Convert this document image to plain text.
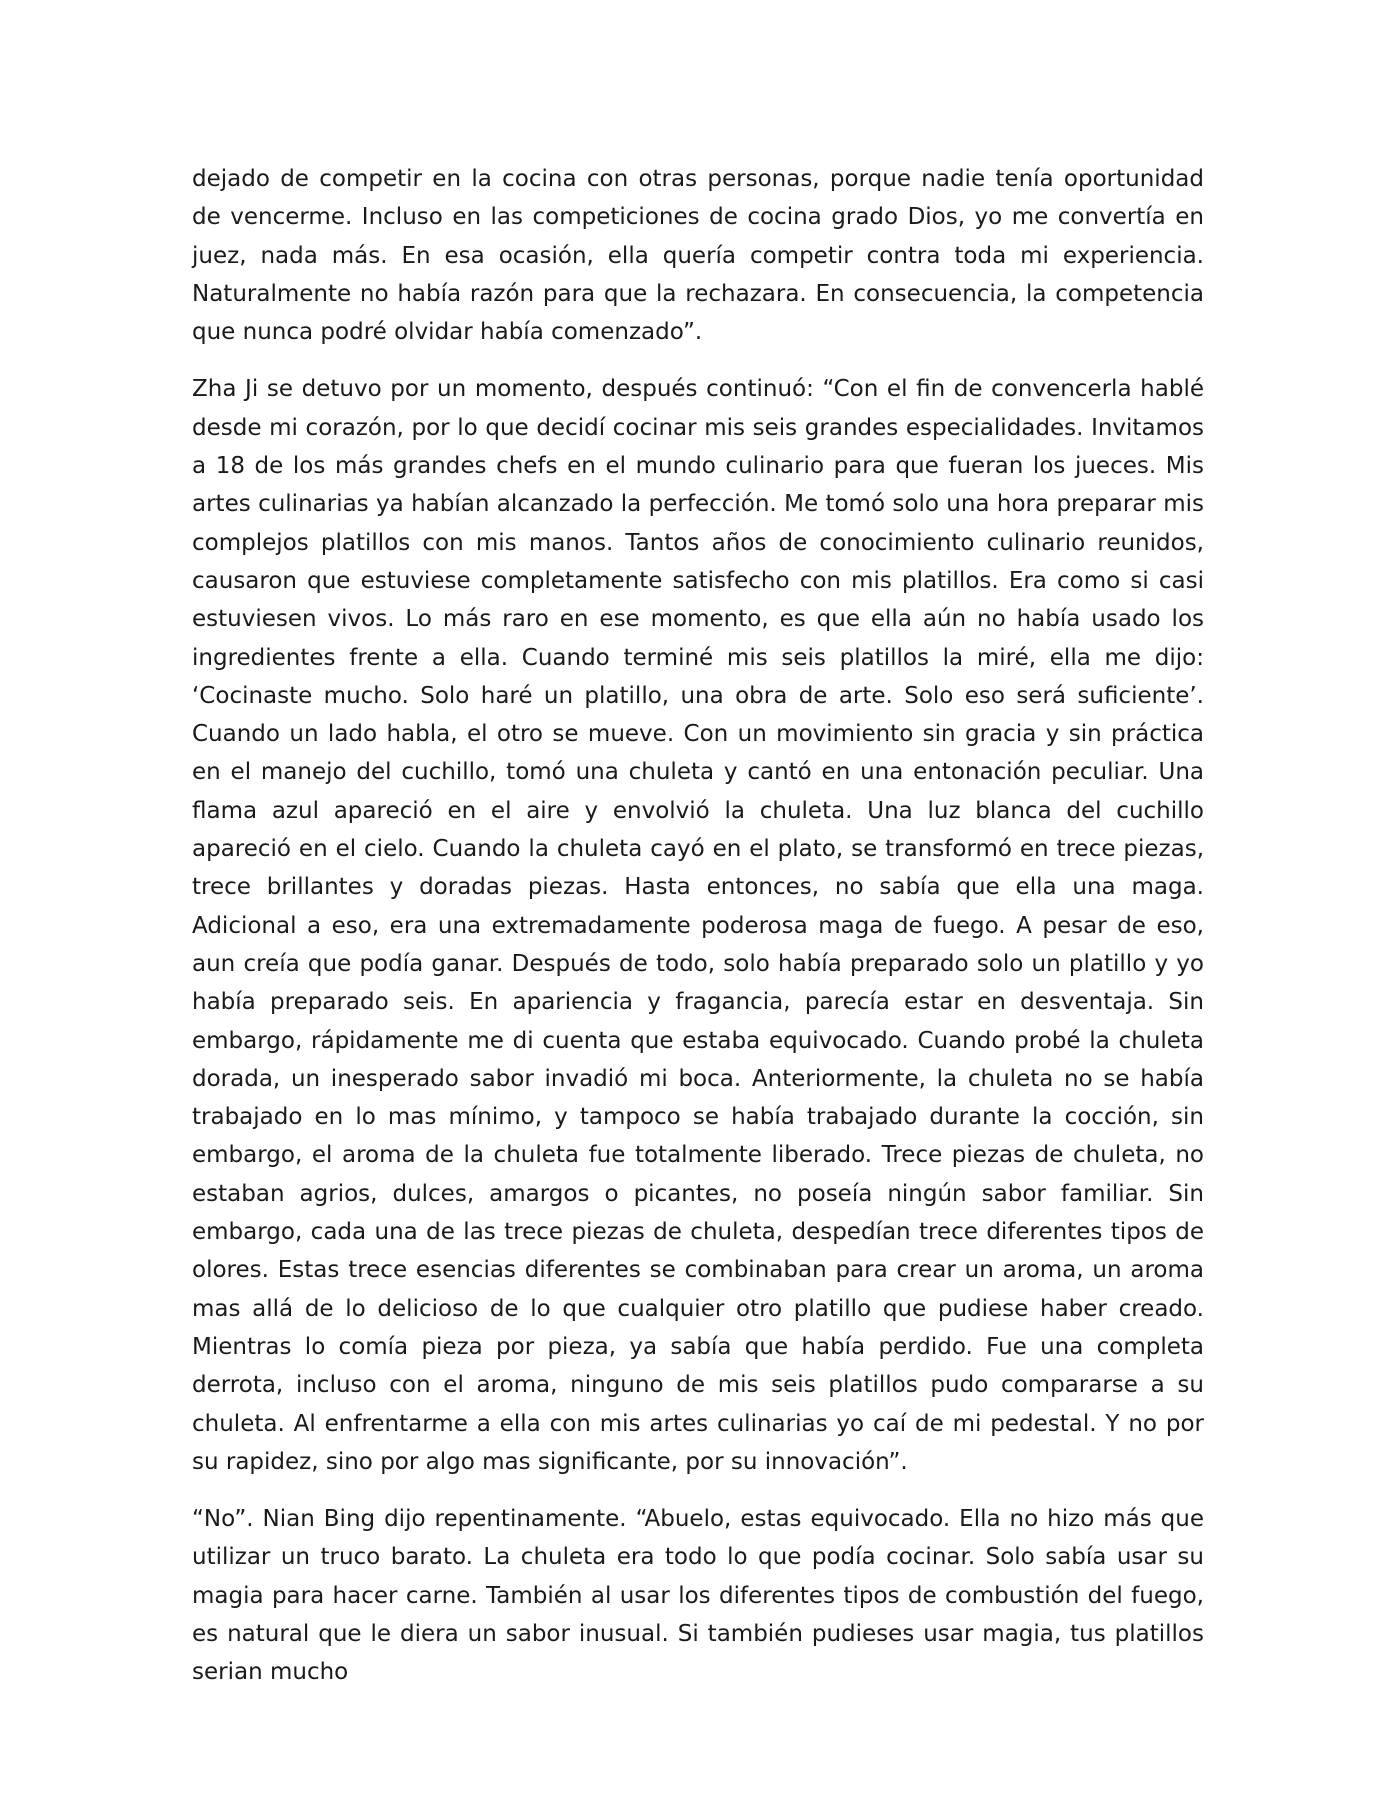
dejado de competir en la cocina con otras personas, porque nadie tenía oportunidad de vencerme. Incluso en las competiciones de cocina grado Dios, yo me convertía en juez, nada más. En esa ocasión, ella quería competir contra toda mi experiencia. Naturalmente no había razón para que la rechazara. En consecuencia, la competencia que nunca podré olvidar había comenzado”.

Zha Ji se detuvo por un momento, después continuó: “Con el fin de convencerla hablé desde mi corazón, por lo que decidí cocinar mis seis grandes especialidades. Invitamos a 18 de los más grandes chefs en el mundo culinario para que fueran los jueces. Mis artes culinarias ya habían alcanzado la perfección. Me tomó solo una hora preparar mis complejos platillos con mis manos. Tantos años de conocimiento culinario reunidos, causaron que estuviese completamente satisfecho con mis platillos. Era como si casi estuviesen vivos. Lo más raro en ese momento, es que ella aún no había usado los ingredientes frente a ella. Cuando terminé mis seis platillos la miré, ella me dijo: ‘Cocinaste mucho. Solo haré un platillo, una obra de arte. Solo eso será suficiente’. Cuando un lado habla, el otro se mueve. Con un movimiento sin gracia y sin práctica en el manejo del cuchillo, tomó una chuleta y cantó en una entonación peculiar. Una flama azul apareció en el aire y envolvió la chuleta. Una luz blanca del cuchillo apareció en el cielo. Cuando la chuleta cayó en el plato, se transformó en trece piezas, trece brillantes y doradas piezas. Hasta entonces, no sabía que ella una maga. Adicional a eso, era una extremadamente poderosa maga de fuego. A pesar de eso, aun creía que podía ganar. Después de todo, solo había preparado solo un platillo y yo había preparado seis. En apariencia y fragancia, parecía estar en desventaja. Sin embargo, rápidamente me di cuenta que estaba equivocado. Cuando probé la chuleta dorada, un inesperado sabor invadió mi boca. Anteriormente, la chuleta no se había trabajado en lo mas mínimo, y tampoco se había trabajado durante la cocción, sin embargo, el aroma de la chuleta fue totalmente liberado. Trece piezas de chuleta, no estaban agrios, dulces, amargos o picantes, no poseía ningún sabor familiar. Sin embargo, cada una de las trece piezas de chuleta, despedían trece diferentes tipos de olores. Estas trece esencias diferentes se combinaban para crear un aroma, un aroma mas allá de lo delicioso de lo que cualquier otro platillo que pudiese haber creado. Mientras lo comía pieza por pieza, ya sabía que había perdido. Fue una completa derrota, incluso con el aroma, ninguno de mis seis platillos pudo compararse a su chuleta. Al enfrentarme a ella con mis artes culinarias yo caí de mi pedestal. Y no por su rapidez, sino por algo mas significante, por su innovación”.

“No”. Nian Bing dijo repentinamente. “Abuelo, estas equivocado. Ella no hizo más que utilizar un truco barato. La chuleta era todo lo que podía cocinar. Solo sabía usar su magia para hacer carne. También al usar los diferentes tipos de combustión del fuego, es natural que le diera un sabor inusual. Si también pudieses usar magia, tus platillos serian mucho
